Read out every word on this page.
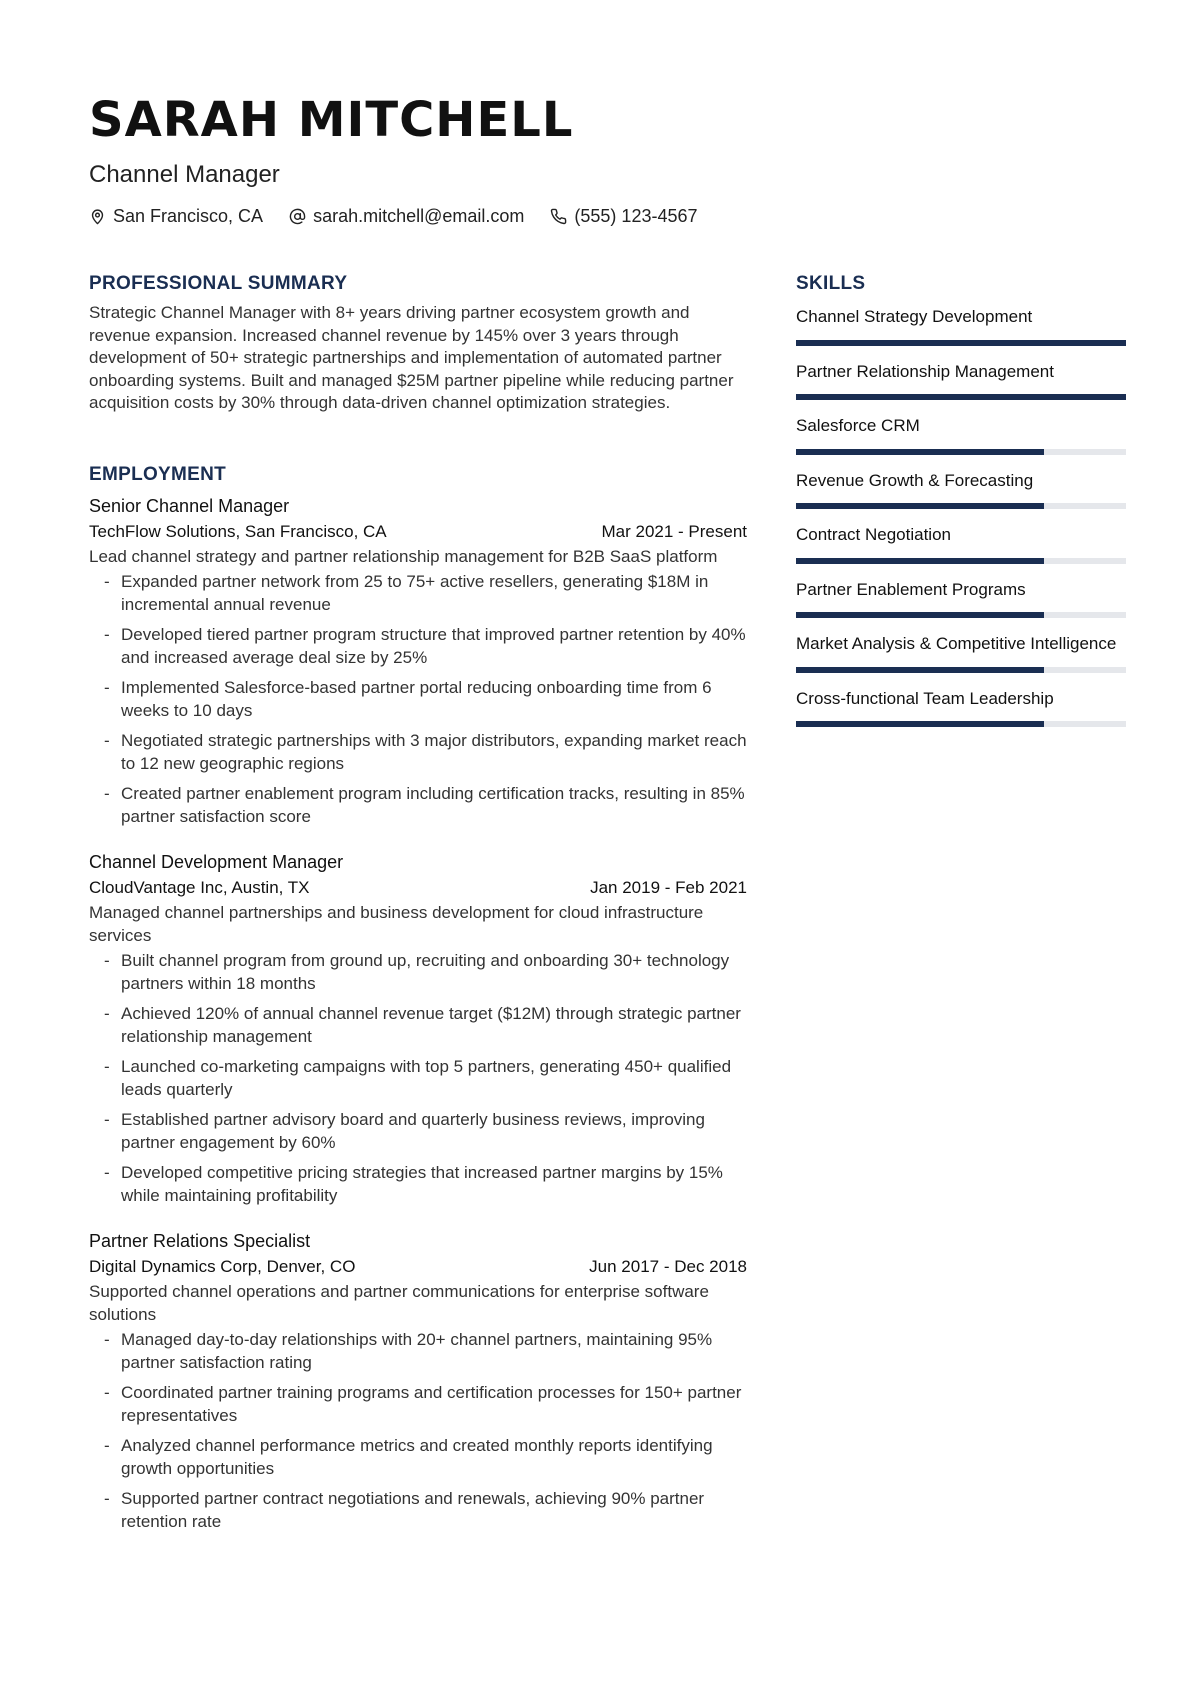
SARAH MITCHELL
Channel Manager
San Francisco, CA	sarah.mitchell@email.com	(555) 123-4567
PROFESSIONAL SUMMARY

Strategic Channel Manager with 8+ years driving partner ecosystem growth and revenue expansion. Increased channel revenue by 145% over 3 years through development of 50+ strategic partnerships and implementation of automated partner onboarding systems. Built and managed $25M partner pipeline while reducing partner acquisition costs by 30% through data-driven channel optimization strategies.

EMPLOYMENT
Senior Channel Manager
TechFlow Solutions, San Francisco, CA	Mar 2021 - Present
Lead channel strategy and partner relationship management for B2B SaaS platform
- Expanded partner network from 25 to 75+ active resellers, generating $18M in incremental annual revenue
- Developed tiered partner program structure that improved partner retention by 40% and increased average deal size by 25%
- Implemented Salesforce-based partner portal reducing onboarding time from 6 weeks to 10 days
- Negotiated strategic partnerships with 3 major distributors, expanding market reach to 12 new geographic regions
- Created partner enablement program including certification tracks, resulting in 85% partner satisfaction score
Channel Development Manager
CloudVantage Inc, Austin, TX	Jan 2019 - Feb 2021
Managed channel partnerships and business development for cloud infrastructure services
- Built channel program from ground up, recruiting and onboarding 30+ technology partners within 18 months
- Achieved 120% of annual channel revenue target ($12M) through strategic partner relationship management
- Launched co-marketing campaigns with top 5 partners, generating 450+ qualified leads quarterly
- Established partner advisory board and quarterly business reviews, improving partner engagement by 60%
- Developed competitive pricing strategies that increased partner margins by 15% while maintaining profitability
Partner Relations Specialist
Digital Dynamics Corp, Denver, CO	Jun 2017 - Dec 2018
Supported channel operations and partner communications for enterprise software solutions
- Managed day-to-day relationships with 20+ channel partners, maintaining 95% partner satisfaction rating
- Coordinated partner training programs and certification processes for 150+ partner representatives
- Analyzed channel performance metrics and created monthly reports identifying growth opportunities
- Supported partner contract negotiations and renewals, achieving 90% partner retention rate
SKILLS
Channel Strategy Development
Partner Relationship Management
Salesforce CRM
Revenue Growth & Forecasting
Contract Negotiation
Partner Enablement Programs
Market Analysis & Competitive Intelligence
Cross-functional Team Leadership
